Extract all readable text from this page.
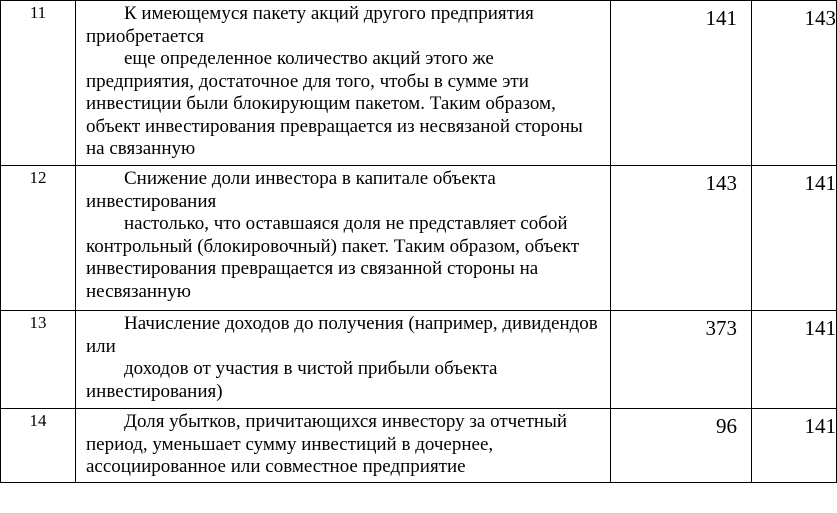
11	К имеющемуся пакету акций другого предприятия приобретается
еще определенное количество акций этого же предприятия, достаточное для того, чтобы в сумме эти инвестиции были блокирующим пакетом. Таким образом, объект инвестирования превращается из несвязаной стороны на связанную	141	143
12	Снижение доли инвестора в капитале объекта инвестирования
настолько, что оставшаяся доля не представляет собой контрольный (блокировочный) пакет. Таким образом, объект инвестирования превращается из связанной стороны на несвязанную	143	141
13	Начисление доходов до получения (например, дивидендов или
доходов от участия в чистой прибыли объекта инвестирования)	373	141
14	Доля убытков, причитающихся инвестору за отчетный период, уменьшает сумму инвестиций в дочернее, ассоциированное или совместное предприятие	96	141
